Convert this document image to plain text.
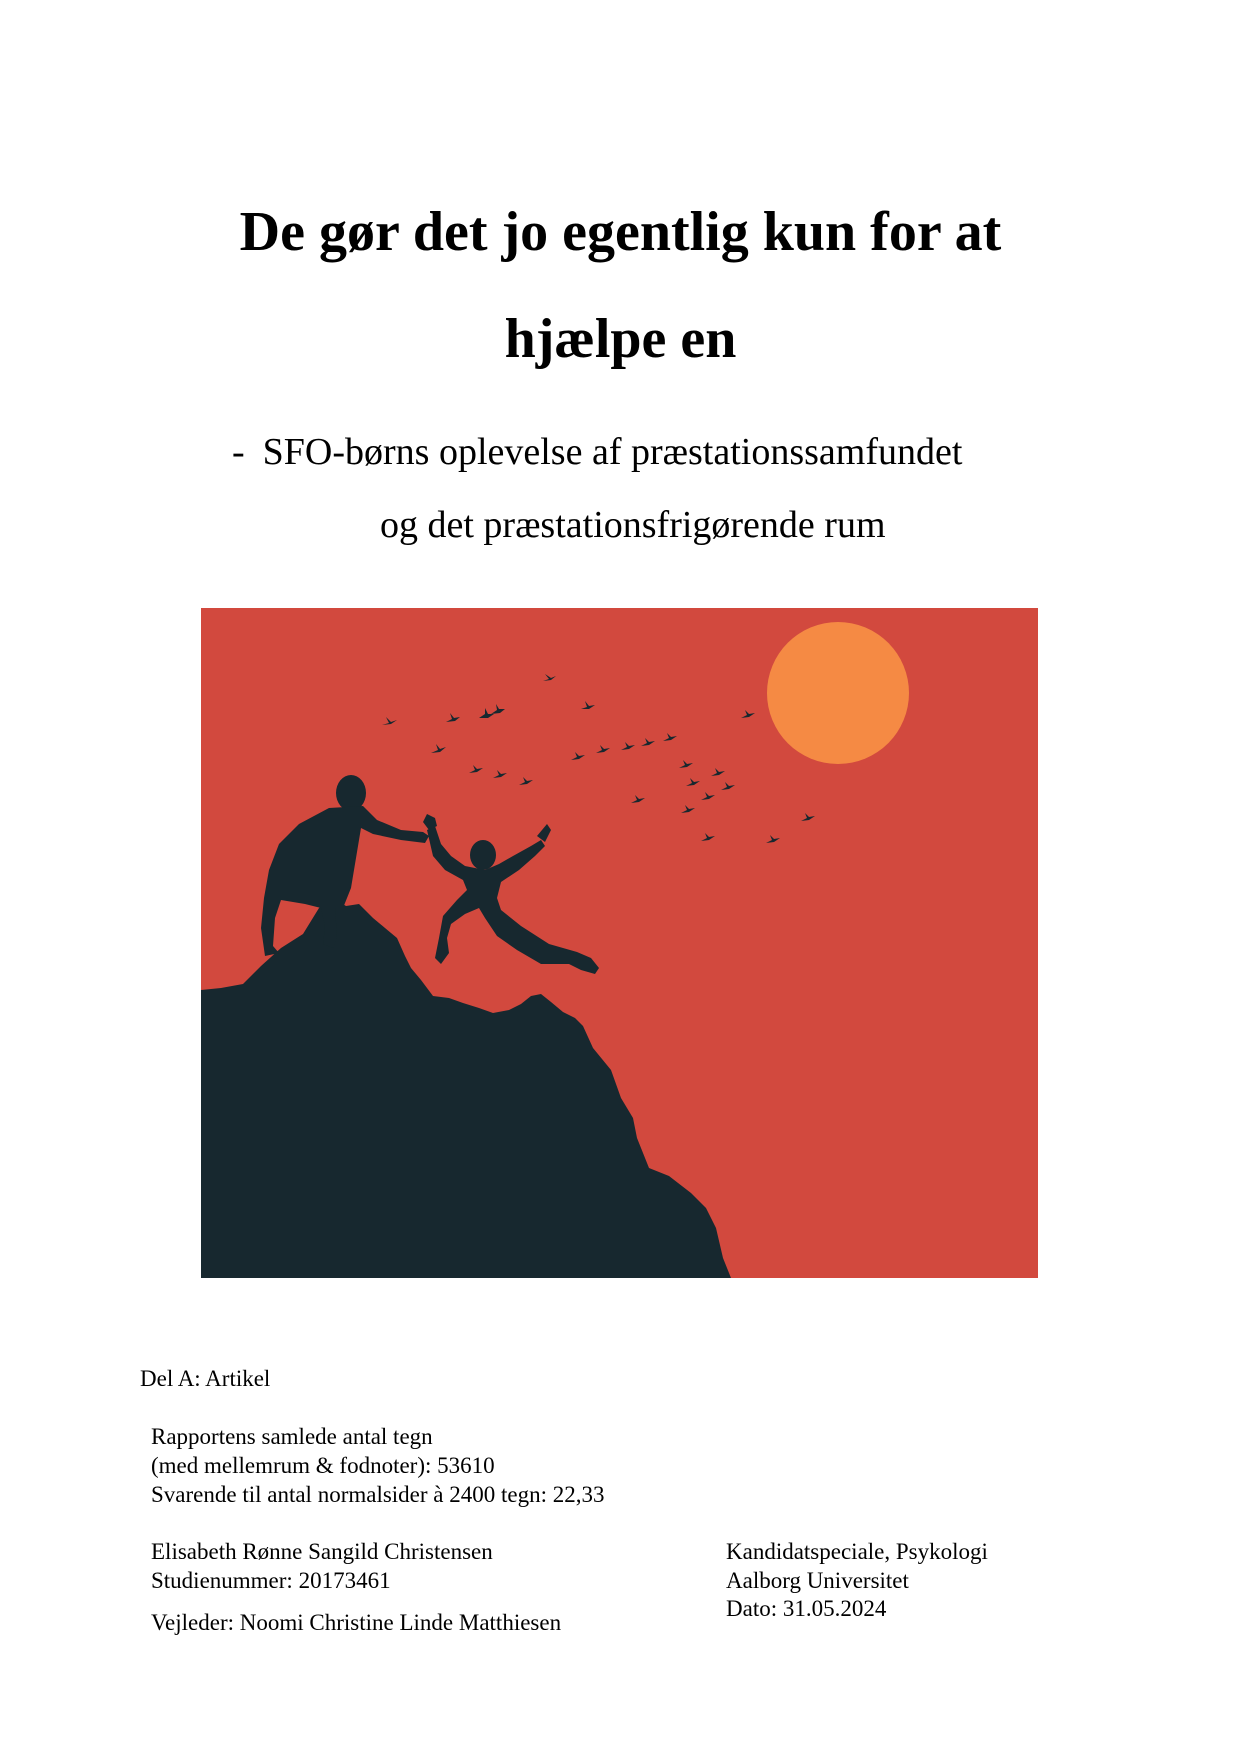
De gør det jo egentlig kun for at
hjælpe en
- SFO-børns oplevelse af præstationssamfundet
og det præstationsfrigørende rum
Del A: Artikel
Rapportens samlede antal tegn
(med mellemrum & fodnoter): 53610
Svarende til antal normalsider à 2400 tegn: 22,33
Elisabeth Rønne Sangild Christensen
Studienummer: 20173461
Vejleder: Noomi Christine Linde Matthiesen
Kandidatspeciale, Psykologi
Aalborg Universitet
Dato: 31.05.2024
